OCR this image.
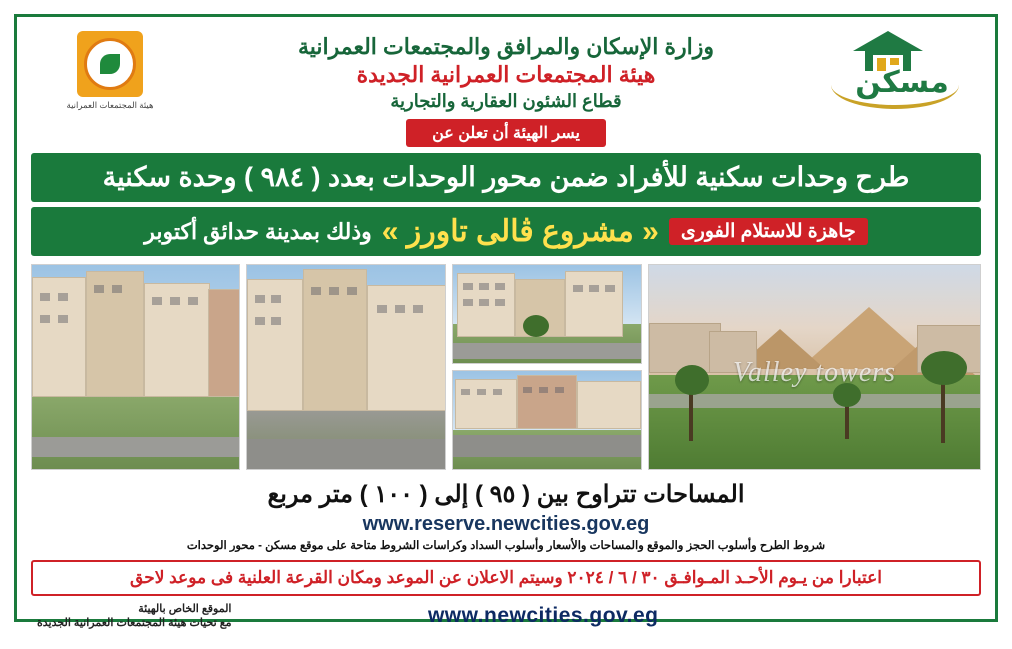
مسكن
وزارة الإسكان والمرافق والمجتمعات العمرانية
هيئة المجتمعات العمرانية الجديدة
قطاع الشئون العقارية والتجارية
هيئة المجتمعات العمرانية
يسر الهيئة أن تعلن عن
طرح وحدات سكنية للأفراد ضمن محور الوحدات بعدد ( ٩٨٤ ) وحدة سكنية
جاهزة للاستلام الفورى
« مشروع ڤالى تاورز »
وذلك بمدينة حدائق أكتوبر
Valley towers
المساحات تتراوح بين ( ٩٥ ) إلى ( ١٠٠ ) متر مربع
www.reserve.newcities.gov.eg
شروط الطرح وأسلوب الحجز والموقع والمساحات والأسعار وأسلوب السداد وكراسات الشروط متاحة على موقع مسكن - محور الوحدات
اعتبارا من يـوم الأحـد المـوافـق ٣٠ / ٦ / ٢٠٢٤ وسيتم الاعلان عن الموعد ومكان القرعة العلنية فى موعد لاحق
www.newcities.gov.eg
الموقع الخاص بالهيئة
مع تحيات هيئة المجتمعات العمرانية الجديدة
